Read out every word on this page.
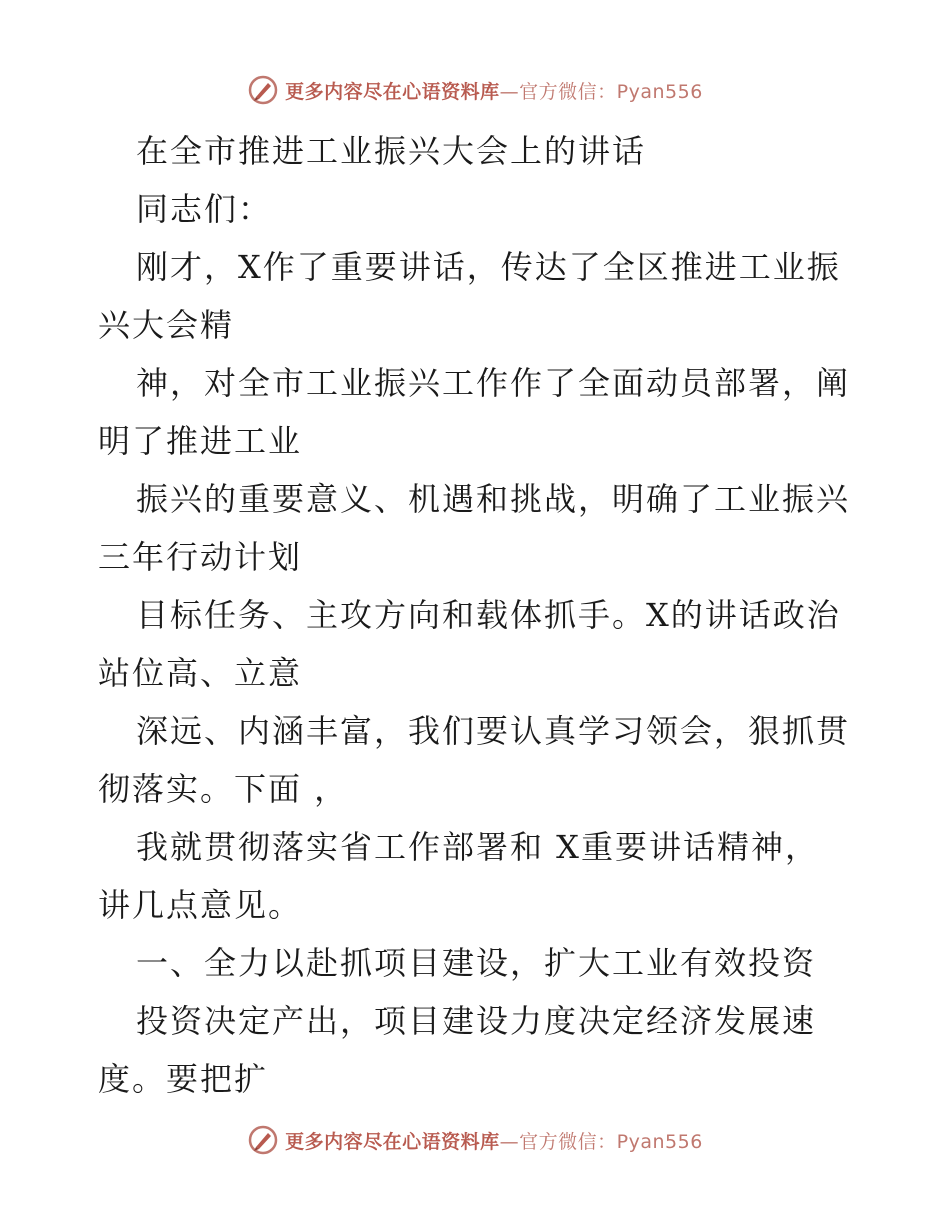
更多内容尽在心语资料库—官方微信：Pyan556
在全市推进工业振兴大会上的讲话
同志们：
刚才，X作了重要讲话，传达了全区推进工业振
兴大会精
神，对全市工业振兴工作作了全面动员部署，阐
明了推进工业
振兴的重要意义、机遇和挑战，明确了工业振兴
三年行动计划
目标任务、主攻方向和载体抓手。X的讲话政治
站位高、立意
深远、内涵丰富，我们要认真学习领会，狠抓贯
彻落实。下面 ，
我就贯彻落实省工作部署和 X重要讲话精神，
讲几点意见。
一、全力以赴抓项目建设，扩大工业有效投资
投资决定产出，项目建设力度决定经济发展速
度。要把扩
更多内容尽在心语资料库—官方微信：Pyan556
